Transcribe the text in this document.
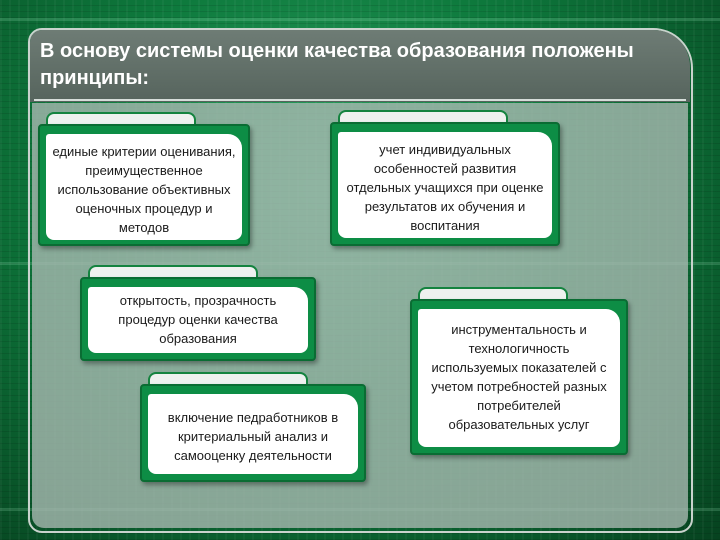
В основу системы оценки качества образования положены принципы:

единые критерии оценивания, преимущественное использование объективных оценочных процедур и методов

учет индивидуальных особенностей развития отдельных учащихся при оценке результатов их обучения и воспитания

открытость, прозрачность процедур оценки качества образования

инструментальность и технологичность используемых показателей с учетом потребностей разных потребителей образовательных услуг

включение педработников в критериальный анализ и самооценку деятельности
